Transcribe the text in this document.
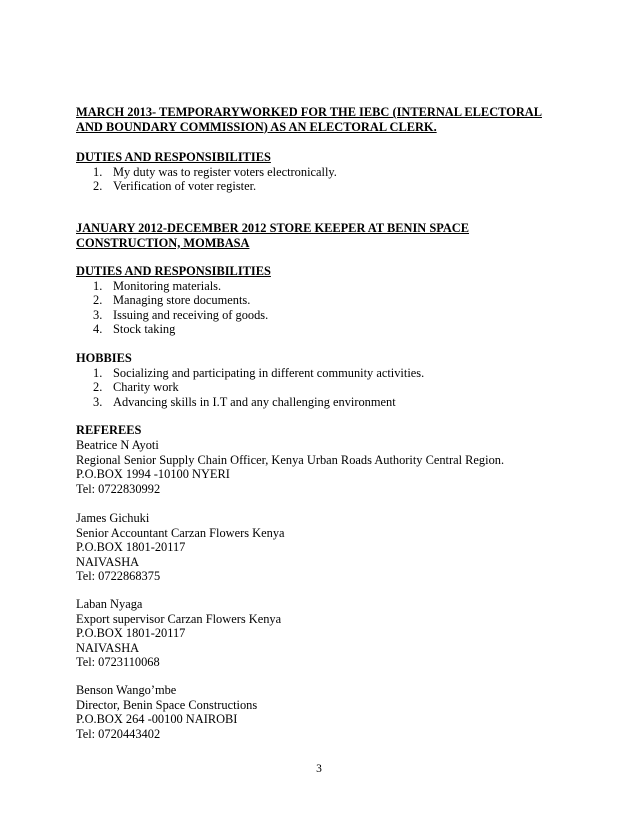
MARCH 2013- TEMPORARYWORKED FOR THE IEBC (INTERNAL ELECTORAL
AND BOUNDARY COMMISSION) AS AN ELECTORAL CLERK.
DUTIES AND RESPONSIBILITIES
1. My duty was to register voters electronically.
2. Verification of voter register.
JANUARY 2012-DECEMBER 2012 STORE KEEPER AT BENIN SPACE
CONSTRUCTION, MOMBASA
DUTIES AND RESPONSIBILITIES
1. Monitoring materials.
2. Managing store documents.
3. Issuing and receiving of goods.
4. Stock taking
HOBBIES
1. Socializing and participating in different community activities.
2. Charity work
3. Advancing skills in I.T and any challenging environment
REFEREES
Beatrice N Ayoti
Regional Senior Supply Chain Officer, Kenya Urban Roads Authority Central Region.
P.O.BOX 1994 -10100 NYERI
Tel: 0722830992
James Gichuki
Senior Accountant Carzan Flowers Kenya
P.O.BOX 1801-20117
NAIVASHA
Tel: 0722868375
Laban Nyaga
Export supervisor Carzan Flowers Kenya
P.O.BOX 1801-20117
NAIVASHA
Tel: 0723110068
Benson Wango’mbe
Director, Benin Space Constructions
P.O.BOX 264 -00100 NAIROBI
Tel: 0720443402
3
